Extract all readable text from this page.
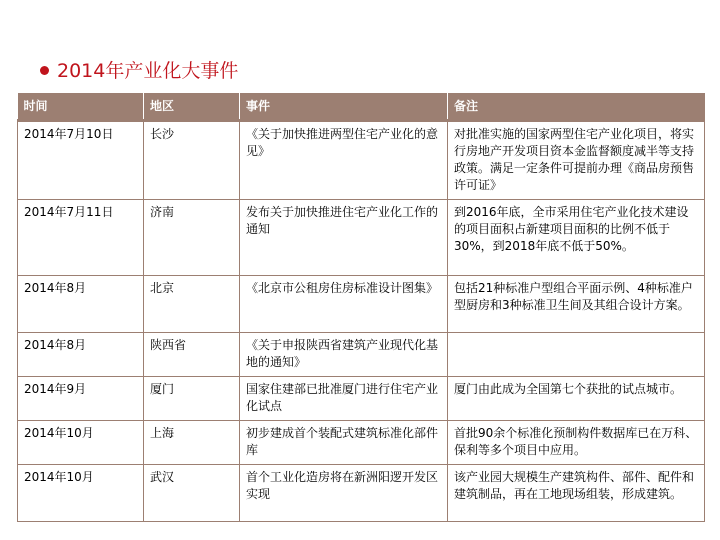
2014年产业化大事件
时间	地区	事件	备注
2014年7月10日	长沙	《关于加快推进两型住宅产业化的意见》	对批准实施的国家两型住宅产业化项目，将实行房地产开发项目资本金监督额度减半等支持政策。满足一定条件可提前办理《商品房预售许可证》
2014年7月11日	济南	发布关于加快推进住宅产业化工作的通知	到2016年底，全市采用住宅产业化技术建设的项目面积占新建项目面积的比例不低于30%，到2018年底不低于50%。
2014年8月	北京	《北京市公租房住房标准设计图集》	包括21种标准户型组合平面示例、4种标准户型厨房和3种标准卫生间及其组合设计方案。
2014年8月	陕西省	《关于申报陕西省建筑产业现代化基地的通知》	
2014年9月	厦门	国家住建部已批准厦门进行住宅产业化试点	厦门由此成为全国第七个获批的试点城市。
2014年10月	上海	初步建成首个装配式建筑标准化部件库	首批90余个标准化预制构件数据库已在万科、保利等多个项目中应用。
2014年10月	武汉	首个工业化造房将在新洲阳逻开发区实现	该产业园大规模生产建筑构件、部件、配件和建筑制品，再在工地现场组装，形成建筑。
